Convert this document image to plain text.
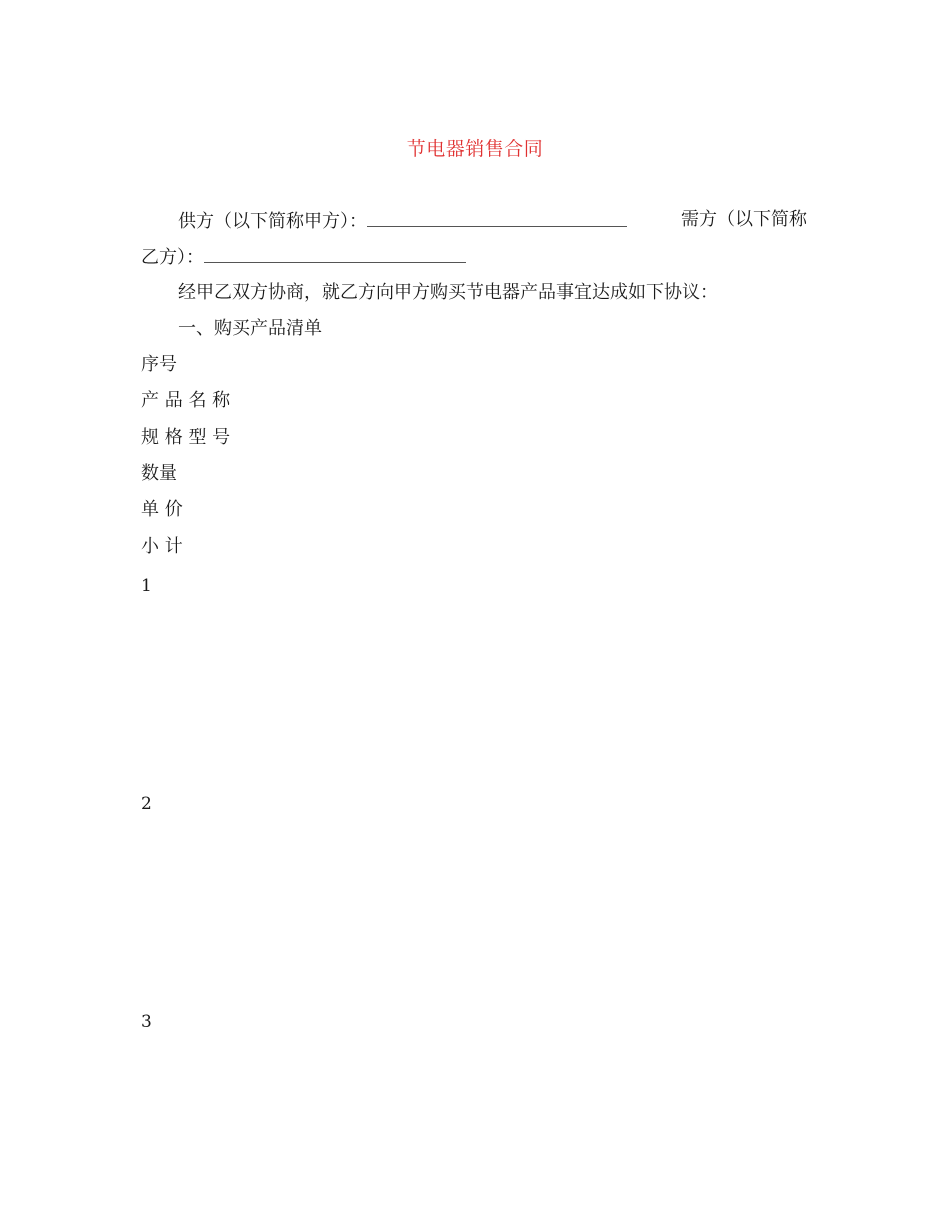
节电器销售合同
供方（以下简称甲方）：	需方（以下简称
乙方）：
经甲乙双方协商，就乙方向甲方购买节电器产品事宜达成如下协议：
一、购买产品清单
序号
产 品 名 称
规 格 型 号
数量
单 价
小 计
1
2
3
